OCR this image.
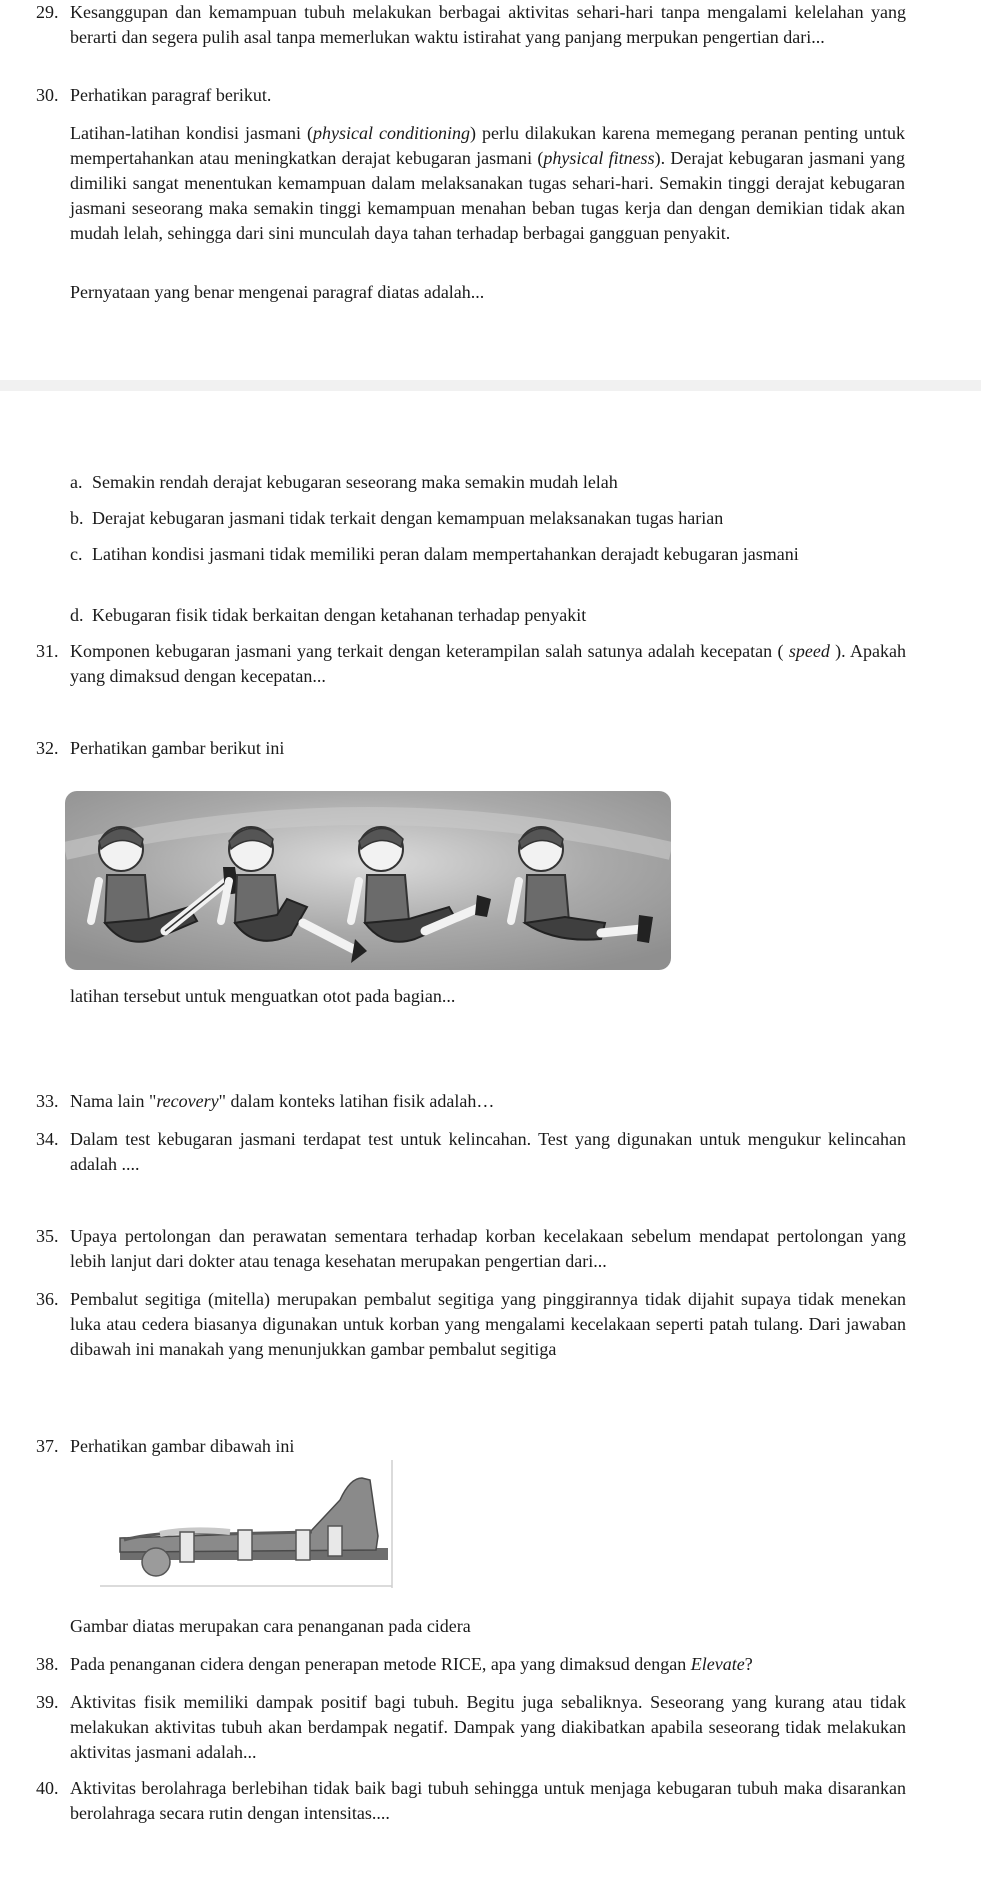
29. Kesanggupan dan kemampuan tubuh melakukan berbagai aktivitas sehari-hari tanpa mengalami kelelahan yang berarti dan segera pulih asal tanpa memerlukan waktu istirahat yang panjang merpukan pengertian dari...
30. Perhatikan paragraf berikut.
Latihan-latihan kondisi jasmani (physical conditioning) perlu dilakukan karena memegang peranan penting untuk mempertahankan atau meningkatkan derajat kebugaran jasmani (physical fitness). Derajat kebugaran jasmani yang dimiliki sangat menentukan kemampuan dalam melaksanakan tugas sehari-hari. Semakin tinggi derajat kebugaran jasmani seseorang maka semakin tinggi kemampuan menahan beban tugas kerja dan dengan demikian tidak akan mudah lelah, sehingga dari sini munculah daya tahan terhadap berbagai gangguan penyakit.
Pernyataan yang benar mengenai paragraf diatas adalah...
a. Semakin rendah derajat kebugaran seseorang maka semakin mudah lelah
b. Derajat kebugaran jasmani tidak terkait dengan kemampuan melaksanakan tugas harian
c. Latihan kondisi jasmani tidak memiliki peran dalam mempertahankan derajadt kebugaran jasmani
d. Kebugaran fisik tidak berkaitan dengan ketahanan terhadap penyakit
31. Komponen kebugaran jasmani yang terkait dengan keterampilan salah satunya adalah kecepatan ( speed ). Apakah yang dimaksud dengan kecepatan...
32. Perhatikan gambar berikut ini
latihan tersebut untuk menguatkan otot pada bagian...
33. Nama lain "recovery" dalam konteks latihan fisik adalah…
34. Dalam test kebugaran jasmani terdapat test untuk kelincahan. Test yang digunakan untuk mengukur kelincahan adalah ....
35. Upaya pertolongan dan perawatan sementara terhadap korban kecelakaan sebelum mendapat pertolongan yang lebih lanjut dari dokter atau tenaga kesehatan merupakan pengertian dari...
36. Pembalut segitiga (mitella) merupakan pembalut segitiga yang pinggirannya tidak dijahit supaya tidak menekan luka atau cedera biasanya digunakan untuk korban yang mengalami kecelakaan seperti patah tulang. Dari jawaban dibawah ini manakah yang menunjukkan gambar pembalut segitiga
37. Perhatikan gambar dibawah ini
Gambar diatas merupakan cara penanganan pada cidera
38. Pada penanganan cidera dengan penerapan metode RICE, apa yang dimaksud dengan Elevate?
39. Aktivitas fisik memiliki dampak positif bagi tubuh. Begitu juga sebaliknya. Seseorang yang kurang atau tidak melakukan aktivitas tubuh akan berdampak negatif. Dampak yang diakibatkan apabila seseorang tidak melakukan aktivitas jasmani adalah...
40. Aktivitas berolahraga berlebihan tidak baik bagi tubuh sehingga untuk menjaga kebugaran tubuh maka disarankan berolahraga secara rutin dengan intensitas....
